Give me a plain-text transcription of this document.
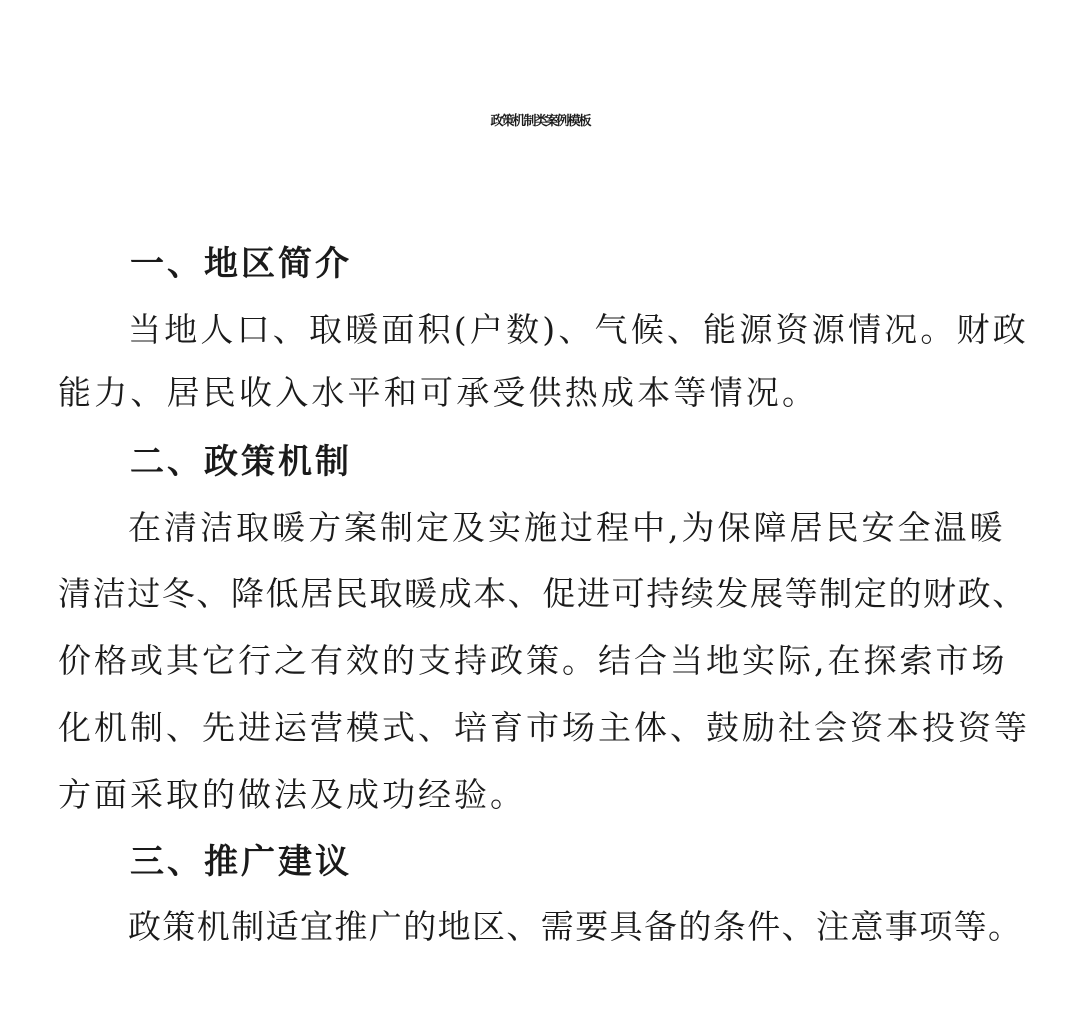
政策机制类案例模板
一、地区简介
当地人口、取暖面积(户数)、气候、能源资源情况。财政
能力、居民收入水平和可承受供热成本等情况。
二、政策机制
在清洁取暖方案制定及实施过程中,为保障居民安全温暖
清洁过冬、降低居民取暖成本、促进可持续发展等制定的财政、
价格或其它行之有效的支持政策。结合当地实际,在探索市场
化机制、先进运营模式、培育市场主体、鼓励社会资本投资等
方面采取的做法及成功经验。
三、推广建议
政策机制适宜推广的地区、需要具备的条件、注意事项等。
